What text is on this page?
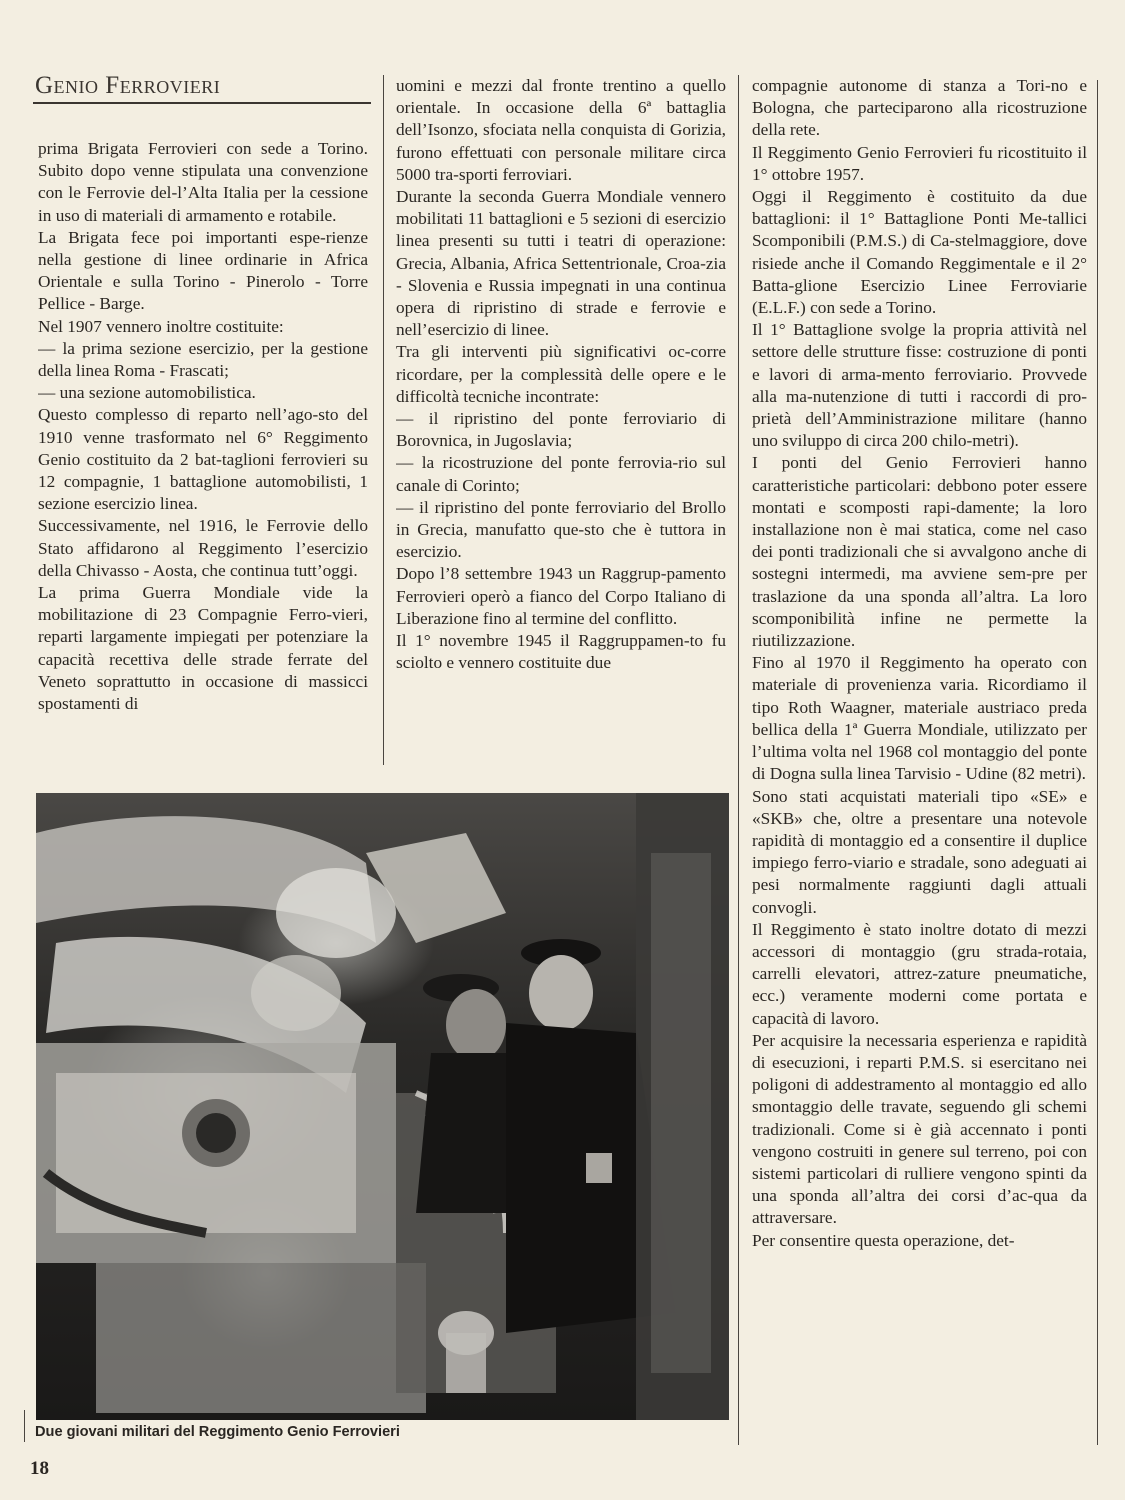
Genio Ferrovieri

prima Brigata Ferrovieri con sede a Torino. Subito dopo venne stipulata una convenzione con le Ferrovie del-l’Alta Italia per la cessione in uso di materiali di armamento e rotabile.

La Brigata fece poi importanti espe-rienze nella gestione di linee ordinarie in Africa Orientale e sulla Torino - Pinerolo - Torre Pellice - Barge.

Nel 1907 vennero inoltre costituite:

— la prima sezione esercizio, per la gestione della linea Roma - Frascati;

— una sezione automobilistica.

Questo complesso di reparto nell’ago-sto del 1910 venne trasformato nel 6° Reggimento Genio costituito da 2 bat-taglioni ferrovieri su 12 compagnie, 1 battaglione automobilisti, 1 sezione esercizio linea.

Successivamente, nel 1916, le Ferrovie dello Stato affidarono al Reggimento l’esercizio della Chivasso - Aosta, che continua tutt’oggi.

La prima Guerra Mondiale vide la mobilitazione di 23 Compagnie Ferro-vieri, reparti largamente impiegati per potenziare la capacità recettiva delle strade ferrate del Veneto soprattutto in occasione di massicci spostamenti di

uomini e mezzi dal fronte trentino a quello orientale. In occasione della 6ª battaglia dell’Isonzo, sfociata nella conquista di Gorizia, furono effettuati con personale militare circa 5000 tra-sporti ferroviari.

Durante la seconda Guerra Mondiale vennero mobilitati 11 battaglioni e 5 sezioni di esercizio linea presenti su tutti i teatri di operazione: Grecia, Albania, Africa Settentrionale, Croa-zia - Slovenia e Russia impegnati in una continua opera di ripristino di strade e ferrovie e nell’esercizio di linee.

Tra gli interventi più significativi oc-corre ricordare, per la complessità delle opere e le difficoltà tecniche incontrate:

— il ripristino del ponte ferroviario di Borovnica, in Jugoslavia;

— la ricostruzione del ponte ferrovia-rio sul canale di Corinto;

— il ripristino del ponte ferroviario del Brollo in Grecia, manufatto que-sto che è tuttora in esercizio.

Dopo l’8 settembre 1943 un Raggrup-pamento Ferrovieri operò a fianco del Corpo Italiano di Liberazione fino al termine del conflitto.

Il 1° novembre 1945 il Raggruppamen-to fu sciolto e vennero costituite due

compagnie autonome di stanza a Tori-no e Bologna, che parteciparono alla ricostruzione della rete.

Il Reggimento Genio Ferrovieri fu ricostituito il 1° ottobre 1957.

Oggi il Reggimento è costituito da due battaglioni: il 1° Battaglione Ponti Me-tallici Scomponibili (P.M.S.) di Ca-stelmaggiore, dove risiede anche il Comando Reggimentale e il 2° Batta-glione Esercizio Linee Ferroviarie (E.L.F.) con sede a Torino.

Il 1° Battaglione svolge la propria attività nel settore delle strutture fisse: costruzione di ponti e lavori di arma-mento ferroviario. Provvede alla ma-nutenzione di tutti i raccordi di pro-prietà dell’Amministrazione militare (hanno uno sviluppo di circa 200 chilo-metri).

I ponti del Genio Ferrovieri hanno caratteristiche particolari: debbono poter essere montati e scomposti rapi-damente; la loro installazione non è mai statica, come nel caso dei ponti tradizionali che si avvalgono anche di sostegni intermedi, ma avviene sem-pre per traslazione da una sponda all’altra. La loro scomponibilità infine ne permette la riutilizzazione.

Fino al 1970 il Reggimento ha operato con materiale di provenienza varia. Ricordiamo il tipo Roth Waagner, materiale austriaco preda bellica della 1ª Guerra Mondiale, utilizzato per l’ultima volta nel 1968 col montaggio del ponte di Dogna sulla linea Tarvisio - Udine (82 metri).

Sono stati acquistati materiali tipo «SE» e «SKB» che, oltre a presentare una notevole rapidità di montaggio ed a consentire il duplice impiego ferro-viario e stradale, sono adeguati ai pesi normalmente raggiunti dagli attuali convogli.

Il Reggimento è stato inoltre dotato di mezzi accessori di montaggio (gru strada-rotaia, carrelli elevatori, attrez-zature pneumatiche, ecc.) veramente moderni come portata e capacità di lavoro.

Per acquisire la necessaria esperienza e rapidità di esecuzioni, i reparti P.M.S. si esercitano nei poligoni di addestramento al montaggio ed allo smontaggio delle travate, seguendo gli schemi tradizionali. Come si è già accennato i ponti vengono costruiti in genere sul terreno, poi con sistemi particolari di rulliere vengono spinti da una sponda all’altra dei corsi d’ac-qua da attraversare.

Per consentire questa operazione, det-

Due giovani militari del Reggimento Genio Ferrovieri
18
